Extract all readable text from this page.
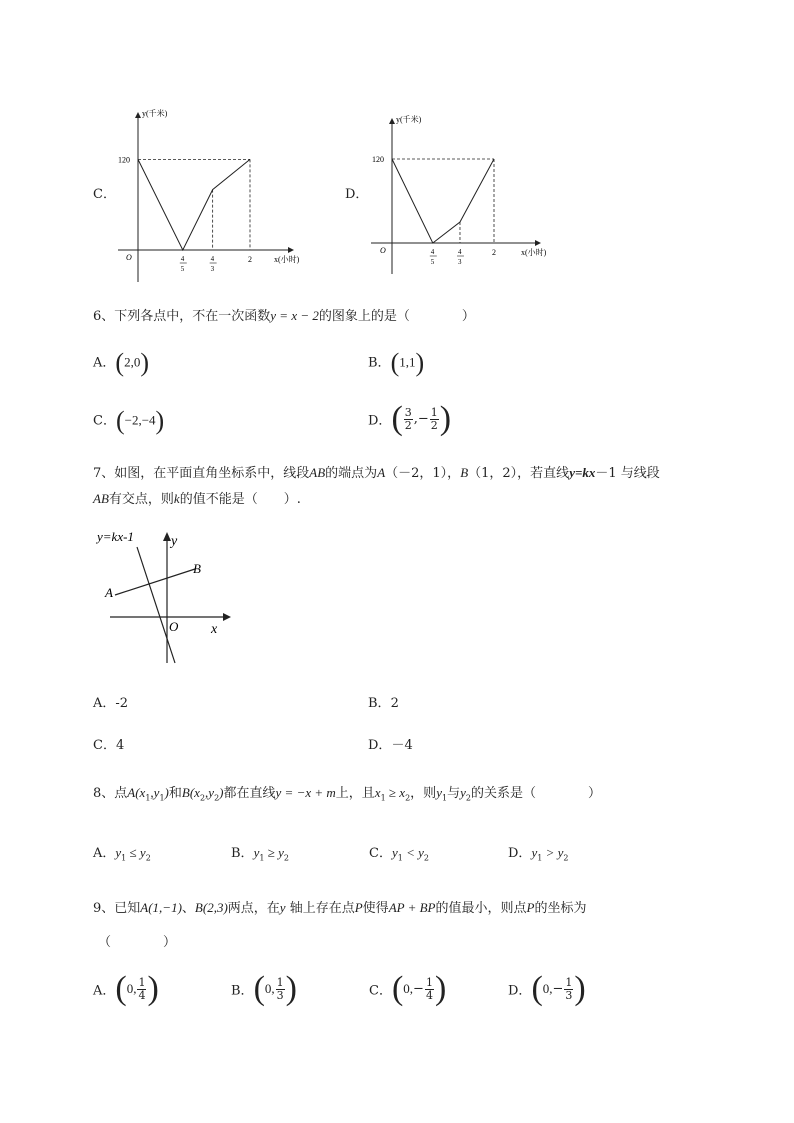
C．
y(千米)
x(小时)
O
120
4
5
4
3
2
D．
y(千米)
x(小时)
O
120
4
5
4
3
2
6、下列各点中，不在一次函数y = x − 2的图象上的是（　　　　）
A．(2,0)	B．(1,1)
C．(−2,−4)	D．( $\frac{3}{2}$ ,− $\frac{1}{2}$ )
7、如图，在平面直角坐标系中，线段AB的端点为A（－2，1），B（1，2），若直线y=kx－1 与线段
AB有交点，则k的值不能是（　　）.
y=kx-1	y
x
O
A
B
A．-2	B．2
C．4	D．－4
8、点$A(x_1,y_1)$和$B(x_2,y_2)$都在直线y = −x + m上，且$x_1 \ge x_2$，则$y_1$与$y_2$的关系是（　　　　）
A．$y_1 \le y_2$	B．$y_1 \ge y_2$	C．$y_1 < y_2$	D．$y_1 > y_2$
9、已知A(1,−1)、B(2,3)两点，在y 轴上存在点P使得AP + BP的值最小，则点P的坐标为
（　　　　）
A．(0, $\frac{1}{4}$ )	B．(0, $\frac{1}{3}$ )	C．($0,- \frac{1}{4}$ )	D．($0,- \frac{1}{3}$ )
